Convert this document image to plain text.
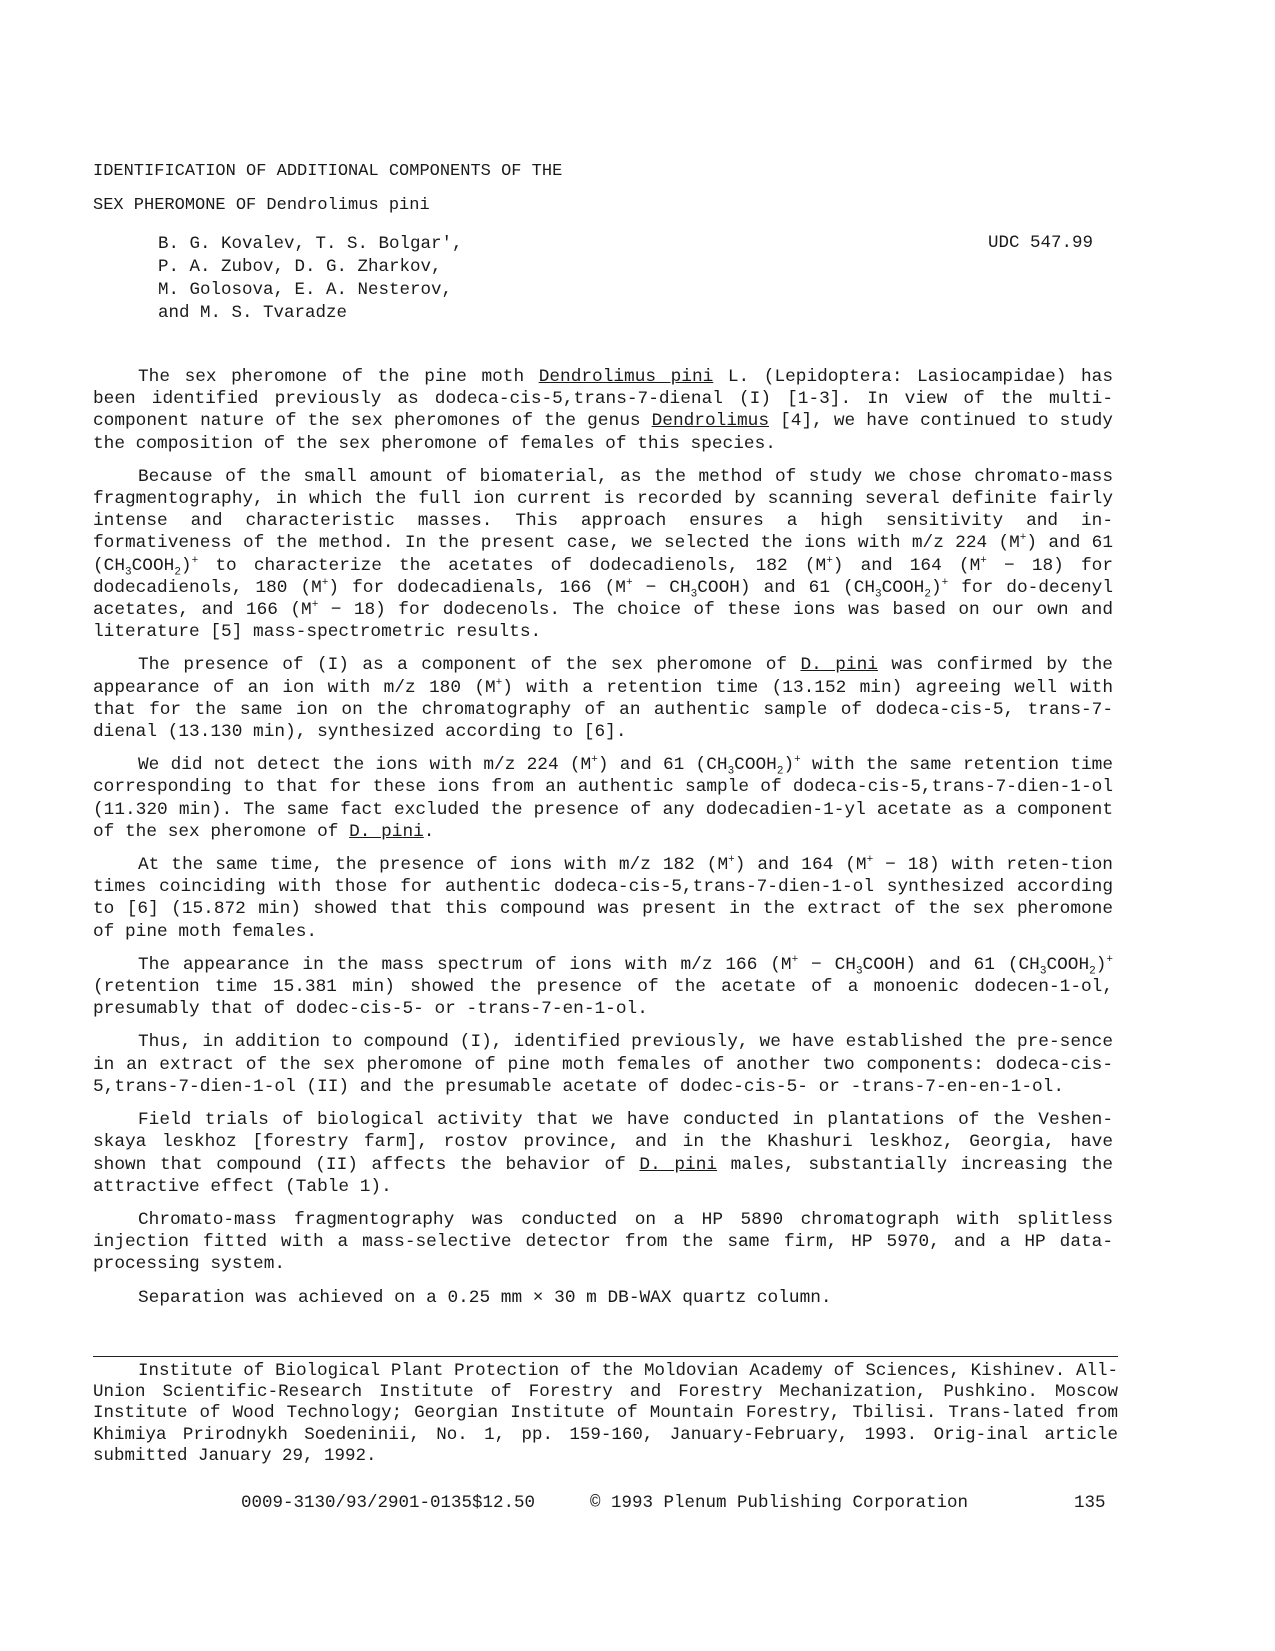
IDENTIFICATION OF ADDITIONAL COMPONENTS OF THE
SEX PHEROMONE OF Dendrolimus pini
B. G. Kovalev, T. S. Bolgar',
P. A. Zubov, D. G. Zharkov,
M. Golosova, E. A. Nesterov,
and M. S. Tvaradze
UDC 547.99

The sex pheromone of the pine moth Dendrolimus pini L. (Lepidoptera: Lasiocampidae) has been identified previously as dodeca-cis-5,trans-7-dienal (I) [1-3]. In view of the multi-component nature of the sex pheromones of the genus Dendrolimus [4], we have continued to study the composition of the sex pheromone of females of this species.

Because of the small amount of biomaterial, as the method of study we chose chromato-mass fragmentography, in which the full ion current is recorded by scanning several definite fairly intense and characteristic masses. This approach ensures a high sensitivity and in-formativeness of the method. In the present case, we selected the ions with m/z 224 (M+) and 61 $(CH_3COOH_2)^+$ to characterize the acetates of dodecadienols, 182 (M+) and 164 (M+ − 18) for dodecadienols, 180 (M+) for dodecadienals, 166 $(M^+ - CH_3COOH)$ and 61 $(CH_3COOH_2)^+$ for do-decenyl acetates, and 166 (M+ − 18) for dodecenols. The choice of these ions was based on our own and literature [5] mass-spectrometric results.

The presence of (I) as a component of the sex pheromone of D. pini was confirmed by the appearance of an ion with m/z 180 (M+) with a retention time (13.152 min) agreeing well with that for the same ion on the chromatography of an authentic sample of dodeca-cis-5, trans-7-dienal (13.130 min), synthesized according to [6].

We did not detect the ions with m/z 224 (M+) and 61 $(CH_3COOH_2)^+$ with the same retention time corresponding to that for these ions from an authentic sample of dodeca-cis-5,trans-7-dien-1-ol (11.320 min). The same fact excluded the presence of any dodecadien-1-yl acetate as a component of the sex pheromone of D. pini.

At the same time, the presence of ions with m/z 182 (M+) and 164 (M+ − 18) with reten-tion times coinciding with those for authentic dodeca-cis-5,trans-7-dien-1-ol synthesized according to [6] (15.872 min) showed that this compound was present in the extract of the sex pheromone of pine moth females.

The appearance in the mass spectrum of ions with m/z 166 $(M^+ - CH_3COOH)$ and 61 $(CH_3COOH_2)^+$ (retention time 15.381 min) showed the presence of the acetate of a monoenic dodecen-1-ol, presumably that of dodec-cis-5- or -trans-7-en-1-ol.

Thus, in addition to compound (I), identified previously, we have established the pre-sence in an extract of the sex pheromone of pine moth females of another two components: dodeca-cis-5,trans-7-dien-1-ol (II) and the presumable acetate of dodec-cis-5- or -trans-7-en-en-1-ol.

Field trials of biological activity that we have conducted in plantations of the Veshen-skaya leskhoz [forestry farm], rostov province, and in the Khashuri leskhoz, Georgia, have shown that compound (II) affects the behavior of D. pini males, substantially increasing the attractive effect (Table 1).

Chromato-mass fragmentography was conducted on a HP 5890 chromatograph with splitless injection fitted with a mass-selective detector from the same firm, HP 5970, and a HP data-processing system.

Separation was achieved on a 0.25 mm × 30 m DB-WAX quartz column.

Institute of Biological Plant Protection of the Moldovian Academy of Sciences, Kishinev. All-Union Scientific-Research Institute of Forestry and Forestry Mechanization, Pushkino. Moscow Institute of Wood Technology; Georgian Institute of Mountain Forestry, Tbilisi. Trans-lated from Khimiya Prirodnykh Soedeninii, No. 1, pp. 159-160, January-February, 1993. Orig-inal article submitted January 29, 1992.

0009-3130/93/2901-0135$12.50	© 1993 Plenum Publishing Corporation	135
